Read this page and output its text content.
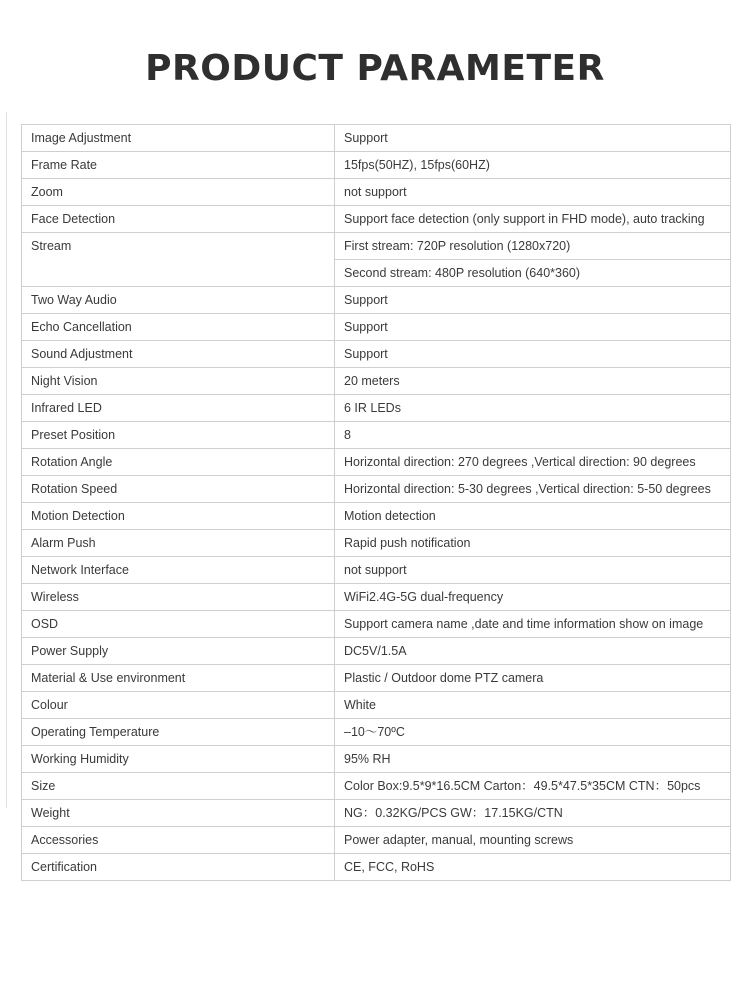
PRODUCT PARAMETER
Image Adjustment	Support
Frame Rate	15fps(50HZ), 15fps(60HZ)
Zoom	not support
Face Detection	Support face detection (only support in FHD mode), auto tracking
Stream	First stream: 720P resolution (1280x720)
	Second stream: 480P resolution (640*360)
Two Way Audio	Support
Echo Cancellation	Support
Sound Adjustment	Support
Night Vision	20 meters
Infrared LED	6 IR LEDs
Preset Position	8
Rotation Angle	Horizontal direction: 270 degrees ,Vertical direction: 90 degrees
Rotation Speed	Horizontal direction: 5-30 degrees ,Vertical direction: 5-50 degrees
Motion Detection	Motion detection
Alarm Push	Rapid push notification
Network Interface	not support
Wireless	WiFi2.4G-5G dual-frequency
OSD	Support camera name ,date and time information show on image
Power Supply	DC5V/1.5A
Material & Use environment	Plastic / Outdoor dome PTZ camera
Colour	White
Operating Temperature	–10～70ºC
Working Humidity	95% RH
Size	Color Box:9.5*9*16.5CM Carton：49.5*47.5*35CM CTN：50pcs
Weight	NG：0.32KG/PCS GW：17.15KG/CTN
Accessories	Power adapter, manual, mounting screws
Certification	CE, FCC, RoHS
